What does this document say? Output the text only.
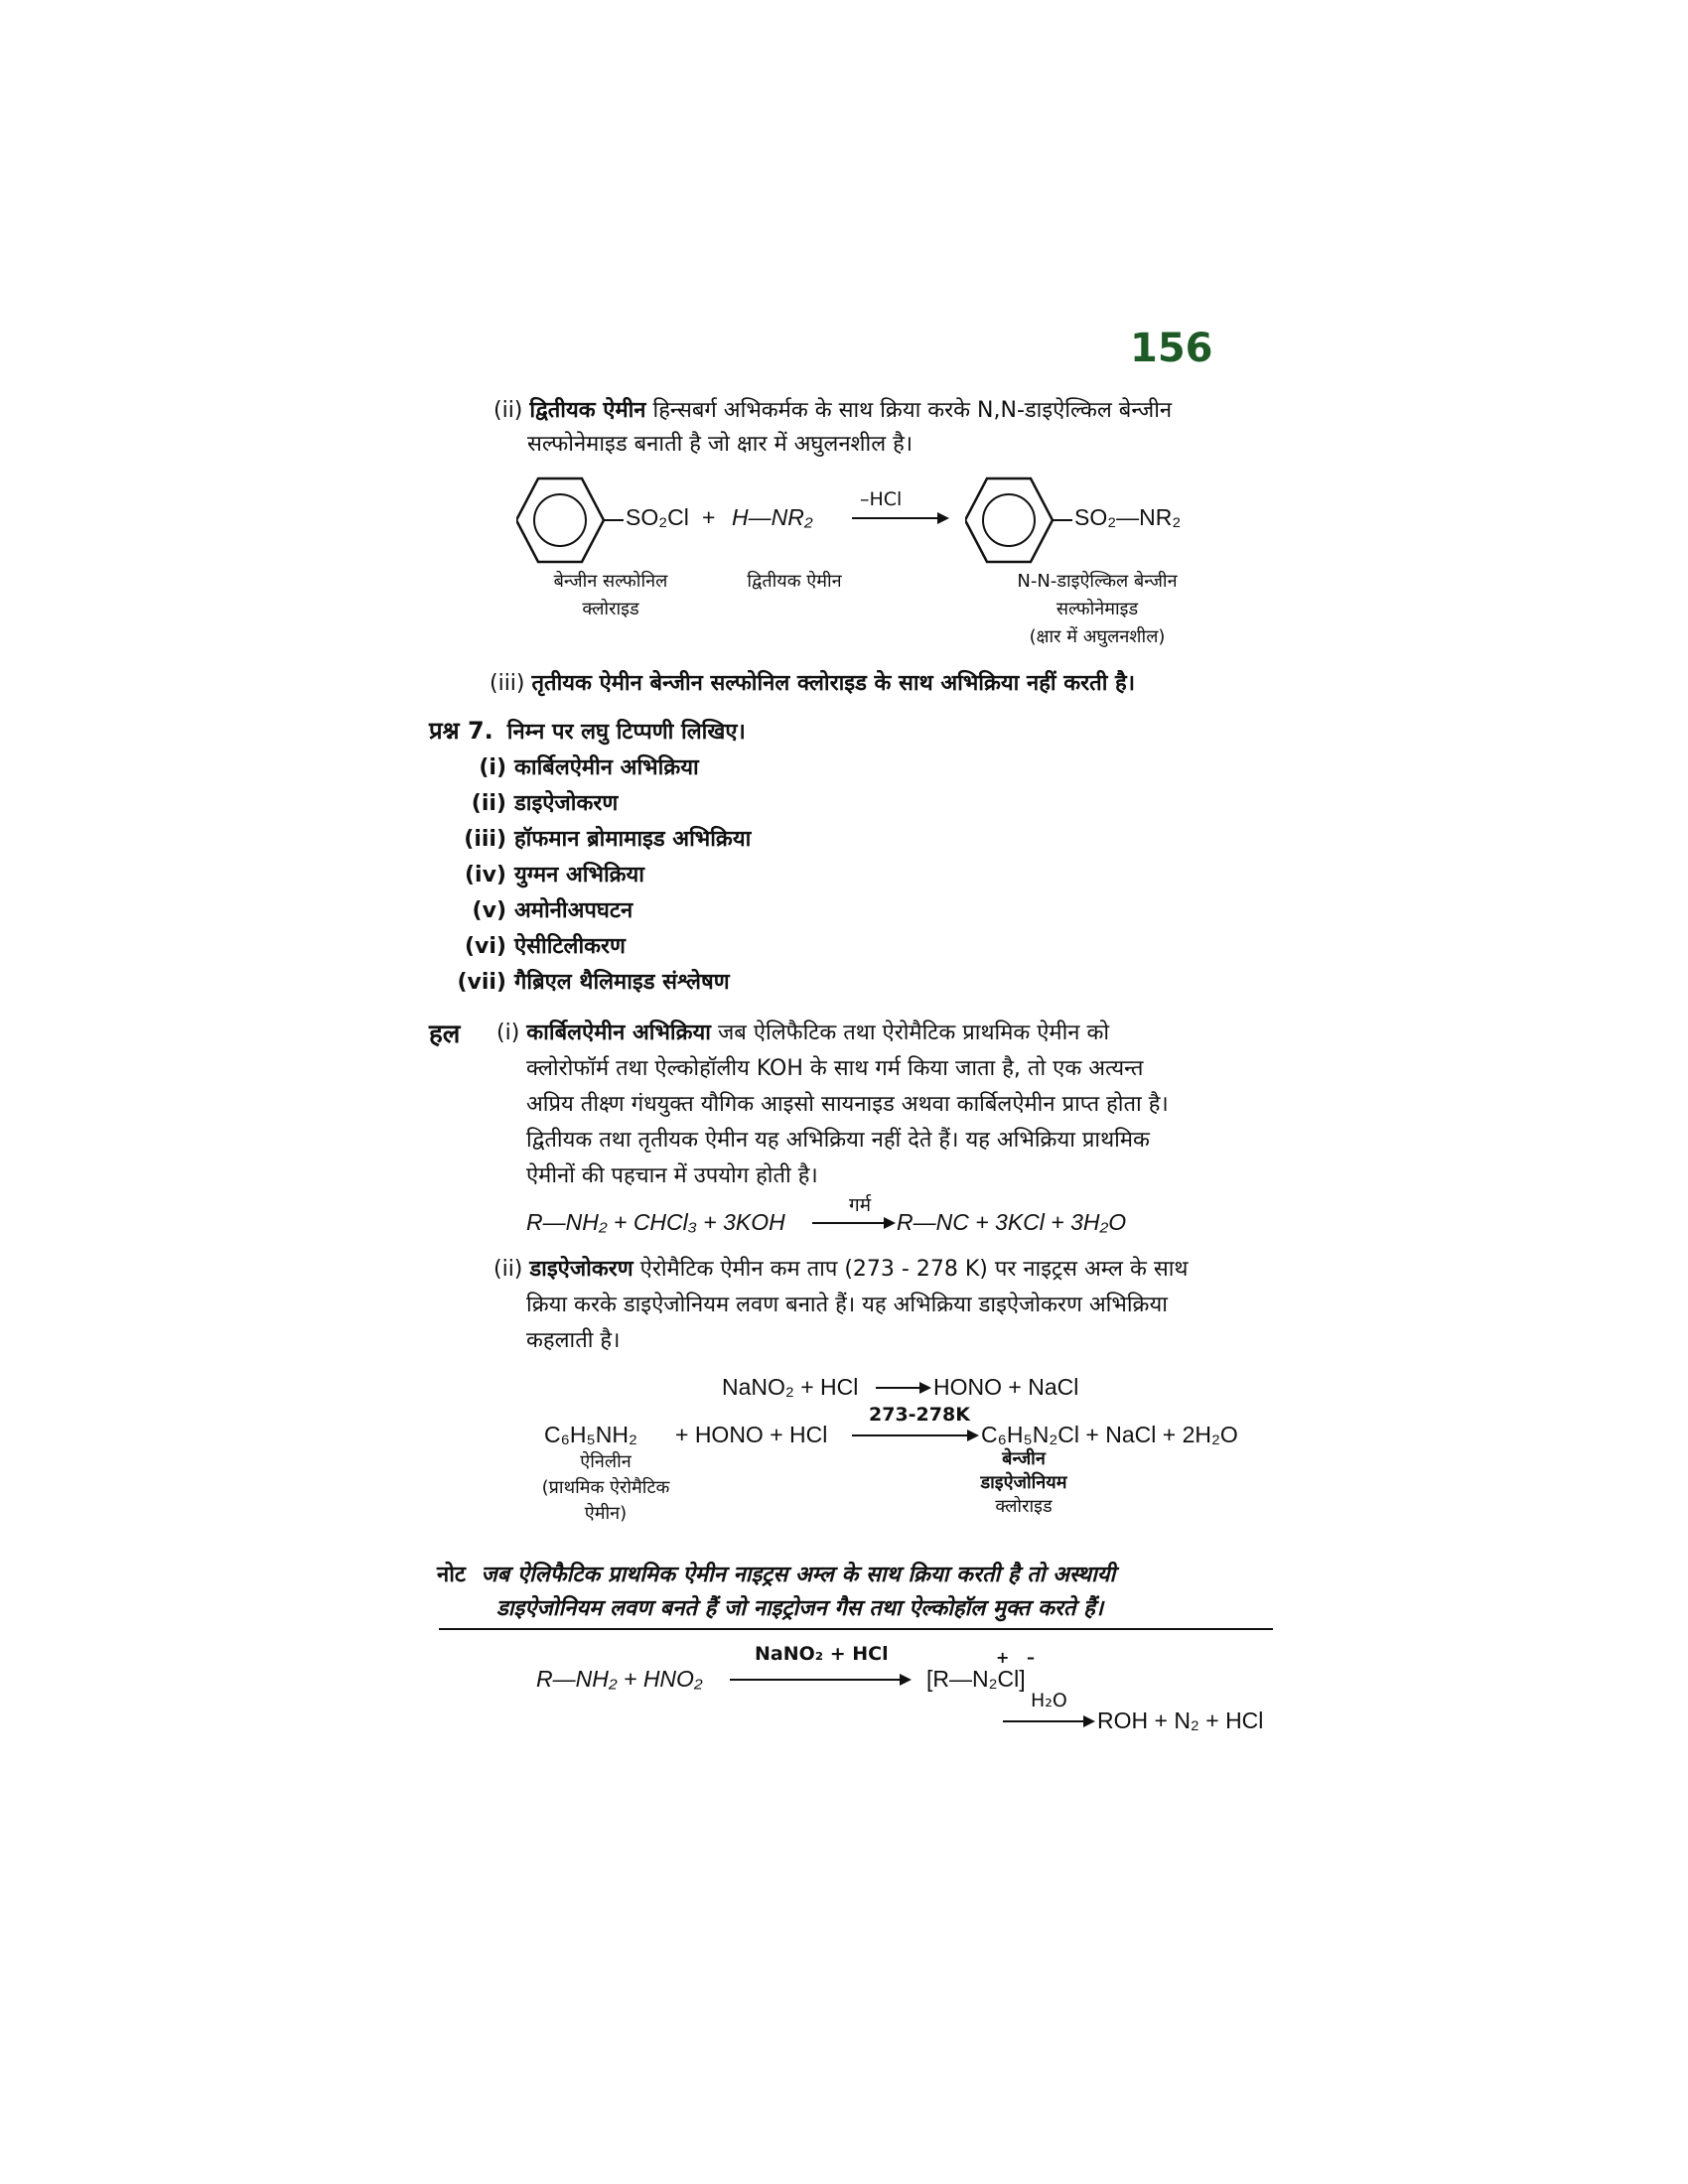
156
(ii) द्वितीयक ऐमीन हिन्सबर्ग अभिकर्मक के साथ क्रिया करके N,N-डाइऐल्किल बेन्जीन
सल्फोनेमाइड बनाती है जो क्षार में अघुलनशील है।
SO₂Cl + H—NR₂
–HCl
SO₂—NR₂
बेन्जीन सल्फोनिल
क्लोराइड
द्वितीयक ऐमीन	N-N-डाइऐल्किल बेन्जीन
सल्फोनेमाइड
(क्षार में अघुलनशील)
(iii) तृतीयक ऐमीन बेन्जीन सल्फोनिल क्लोराइड के साथ अभिक्रिया नहीं करती है।
प्रश्न 7. निम्न पर लघु टिप्पणी लिखिए।
(i) कार्बिलऐमीन अभिक्रिया
(ii) डाइऐजोकरण
(iii) हॉफमान ब्रोमामाइड अभिक्रिया
(iv) युग्मन अभिक्रिया
(v) अमोनीअपघटन
(vi) ऐसीटिलीकरण
(vii) गैब्रिएल थैलिमाइड संश्लेषण
हल (i) कार्बिलऐमीन अभिक्रिया जब ऐलिफैटिक तथा ऐरोमैटिक प्राथमिक ऐमीन को
क्लोरोफॉर्म तथा ऐल्कोहॉलीय KOH के साथ गर्म किया जाता है, तो एक अत्यन्त
अप्रिय तीक्ष्ण गंधयुक्त यौगिक आइसो सायनाइड अथवा कार्बिलऐमीन प्राप्त होता है।
द्वितीयक तथा तृतीयक ऐमीन यह अभिक्रिया नहीं देते हैं। यह अभिक्रिया प्राथमिक
ऐमीनों की पहचान में उपयोग होती है।
R—NH₂ + CHCl₃ + 3KOH
गर्म
R—NC + 3KCl + 3H₂O
(ii) डाइऐजोकरण ऐरोमैटिक ऐमीन कम ताप (273 - 278 K) पर नाइट्रस अम्ल के साथ
क्रिया करके डाइऐजोनियम लवण बनाते हैं। यह अभिक्रिया डाइऐजोकरण अभिक्रिया
कहलाती है।
NaNO₂ + HCl	HONO + NaCl
C₆H₅NH₂ + HONO + HCl
273-278K
C₆H₅N₂Cl + NaCl + 2H₂O
ऐनिलीन
(प्राथमिक ऐरोमैटिक
ऐमीन)
बेन्जीन
डाइऐजोनियम
क्लोराइड
नोट जब ऐलिफैटिक प्राथमिक ऐमीन नाइट्रस अम्ल के साथ क्रिया करती है तो अस्थायी
डाइऐजोनियम लवण बनते हैं जो नाइट्रोजन गैस तथा ऐल्कोहॉल मुक्त करते हैं।
R—NH₂ + HNO₂
NaNO₂ + HCl	+ –
[R—N₂Cl]
H₂O
ROH + N₂ + HCl
